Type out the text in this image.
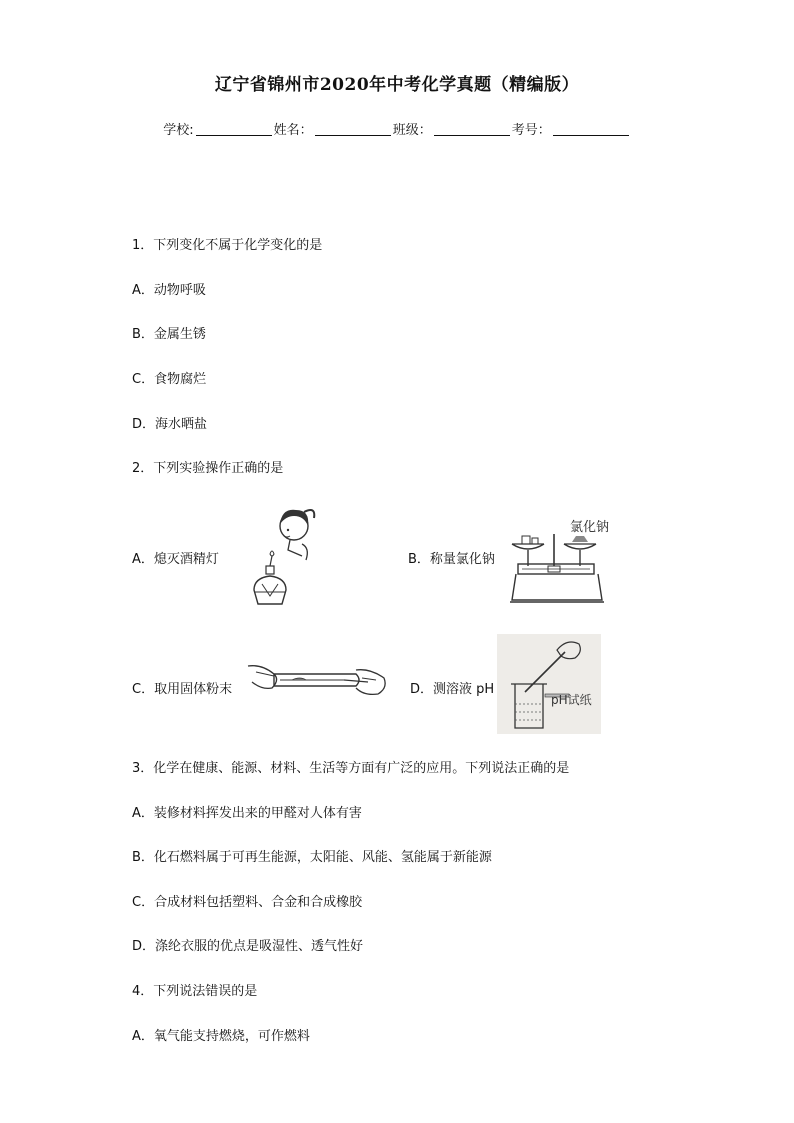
辽宁省锦州市2020年中考化学真题（精编版）
学校:	姓名：	班级：	考号：
1．下列变化不属于化学变化的是
A．动物呼吸
B．金属生锈
C．食物腐烂
D．海水晒盐
2．下列实验操作正确的是
A．熄灭酒精灯	B．称量氯化钠
氯化钠
C．取用固体粉末	D．测溶液 pH
pH试纸
3．化学在健康、能源、材料、生活等方面有广泛的应用。下列说法正确的是
A．装修材料挥发出来的甲醛对人体有害
B．化石燃料属于可再生能源，太阳能、风能、氢能属于新能源
C．合成材料包括塑料、合金和合成橡胶
D．涤纶衣服的优点是吸湿性、透气性好
4．下列说法错误的是
A．氧气能支持燃烧，可作燃料
